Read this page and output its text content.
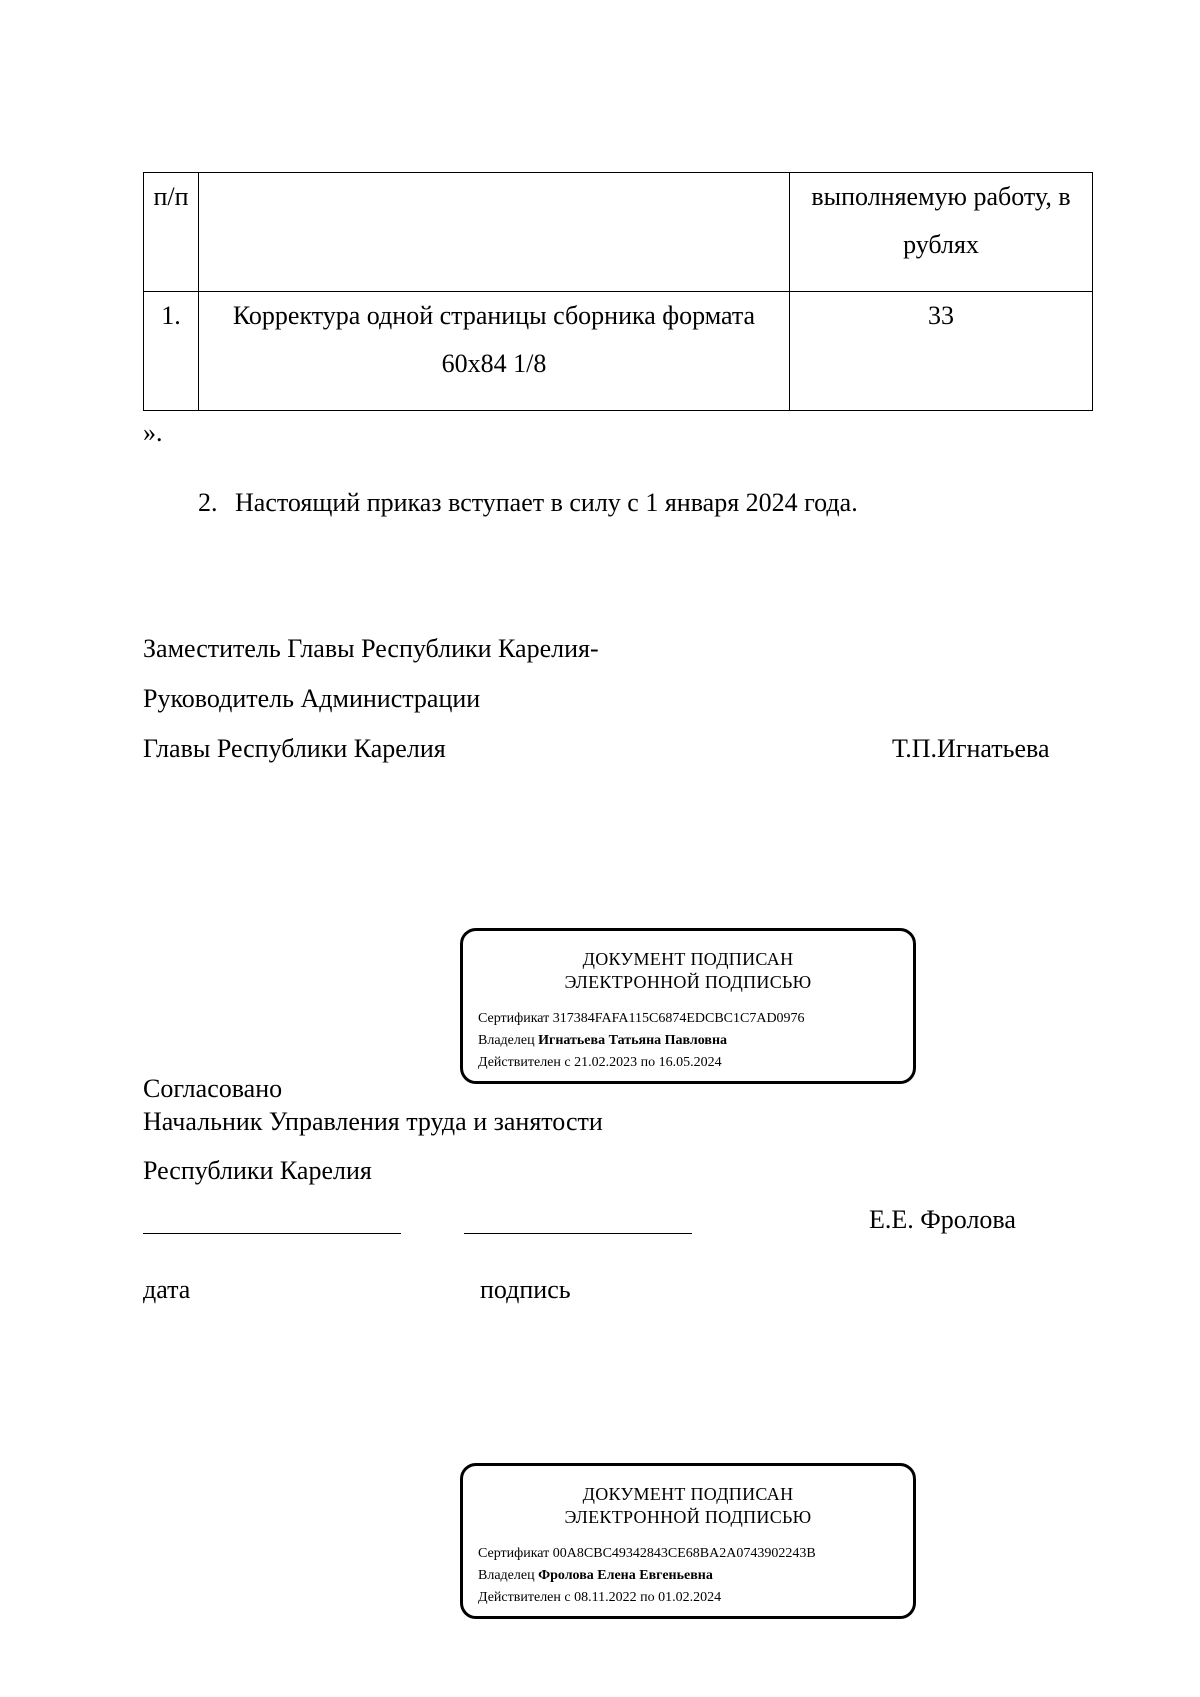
п/п		выполняемую работу, в рублях

1.	Корректура одной страницы сборника формата 60x84 1/8	33
».
2. Настоящий приказ вступает в силу с 1 января 2024 года.
Заместитель Главы Республики Карелия-
Руководитель Администрации
Главы Республики Карелия	Т.П.Игнатьева
ДОКУМЕНТ ПОДПИСАН
ЭЛЕКТРОННОЙ ПОДПИСЬЮ
Сертификат 317384FAFA115C6874EDCBC1C7AD0976
Владелец Игнатьева Татьяна Павловна
Действителен с 21.02.2023 по 16.05.2024
Согласовано
Начальник Управления труда и занятости
Республики Карелия
Е.Е. Фролова
дата	подпись
ДОКУМЕНТ ПОДПИСАН
ЭЛЕКТРОННОЙ ПОДПИСЬЮ
Сертификат 00A8CBC49342843CE68BA2A0743902243B
Владелец Фролова Елена Евгеньевна
Действителен с 08.11.2022 по 01.02.2024
